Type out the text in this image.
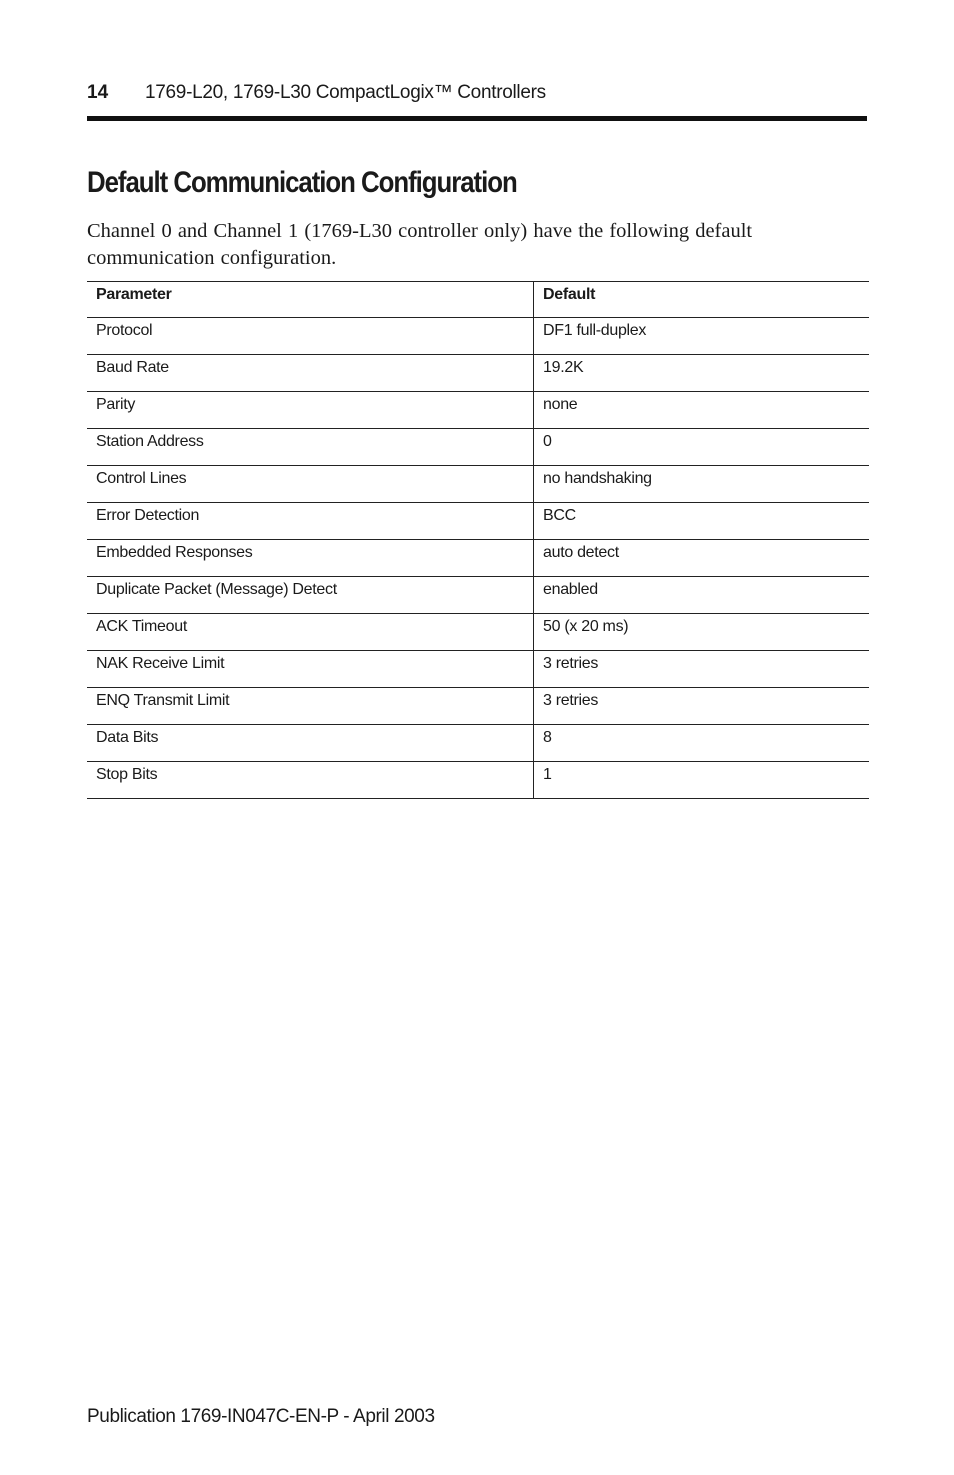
14 1769-L20, 1769-L30 CompactLogix™ Controllers
Default Communication Configuration

Channel 0 and Channel 1 (1769-L30 controller only) have the following default communication configuration.

Parameter	Default
Protocol	DF1 full-duplex
Baud Rate	19.2K
Parity	none
Station Address	0
Control Lines	no handshaking
Error Detection	BCC
Embedded Responses	auto detect
Duplicate Packet (Message) Detect	enabled
ACK Timeout	50 (x 20 ms)
NAK Receive Limit	3 retries
ENQ Transmit Limit	3 retries
Data Bits	8
Stop Bits	1
Publication 1769-IN047C-EN-P - April 2003
